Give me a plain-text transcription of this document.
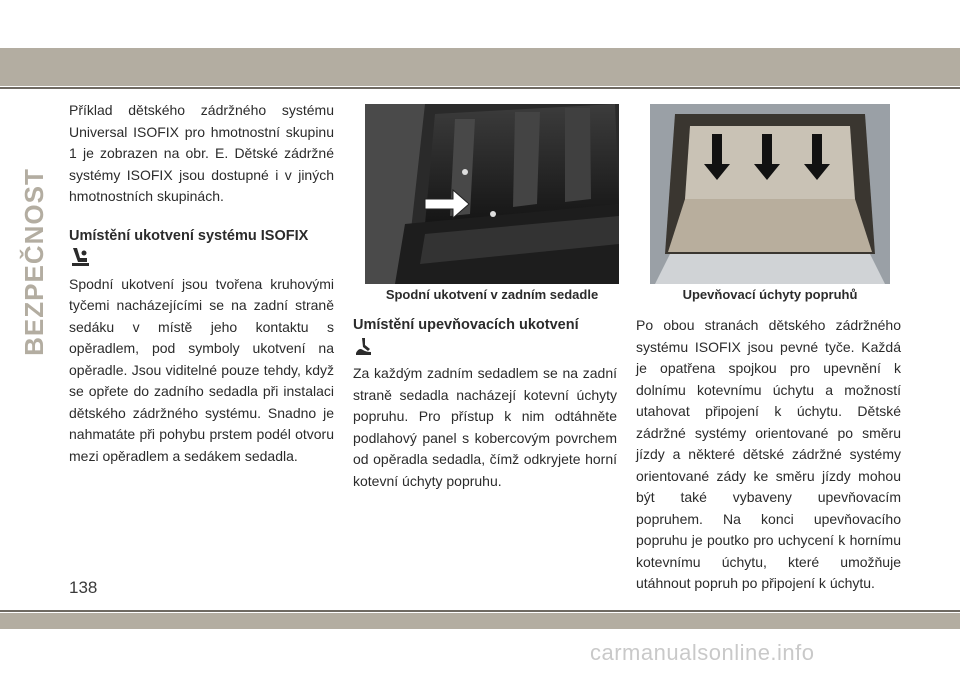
BEZPEČNOST

Příklad dětského zádržného systému Universal ISOFIX pro hmotnostní skupinu 1 je zobrazen na obr. E. Dětské zádržné systémy ISOFIX jsou dostupné i v jiných hmotnostních skupinách.

Umístění ukotvení systému ISOFIX

Spodní ukotvení jsou tvořena kruhovými tyčemi nacházejícími se na zadní straně sedáku v místě jeho kontaktu s opěradlem, pod symboly ukotvení na opěradle. Jsou viditelné pouze tehdy, když se opřete do zadního sedadla při instalaci dětského zádržného systému. Snadno je nahmatáte při pohybu prstem podél otvoru mezi opěradlem a sedákem sedadla.

Spodní ukotvení v zadním sedadle	Upevňovací úchyty popruhů
Umístění upevňovacích ukotvení

Za každým zadním sedadlem se na zadní straně sedadla nacházejí kotevní úchyty popruhu. Pro přístup k nim odtáhněte podlahový panel s kobercovým povrchem od opěradla sedadla, čímž odkryjete horní kotevní úchyty popruhu.

Po obou stranách dětského zádržného systému ISOFIX jsou pevné tyče. Každá je opatřena spojkou pro upevnění k dolnímu kotevnímu úchytu a možností utahovat připojení k úchytu. Dětské zádržné systémy orientované po směru jízdy a některé dětské zádržné systémy orientované zády ke směru jízdy mohou být také vybaveny upevňovacím popruhem. Na konci upevňovacího popruhu je poutko pro uchycení k hornímu kotevnímu úchytu, které umožňuje utáhnout popruh po připojení k úchytu.

138
carmanualsonline.info
